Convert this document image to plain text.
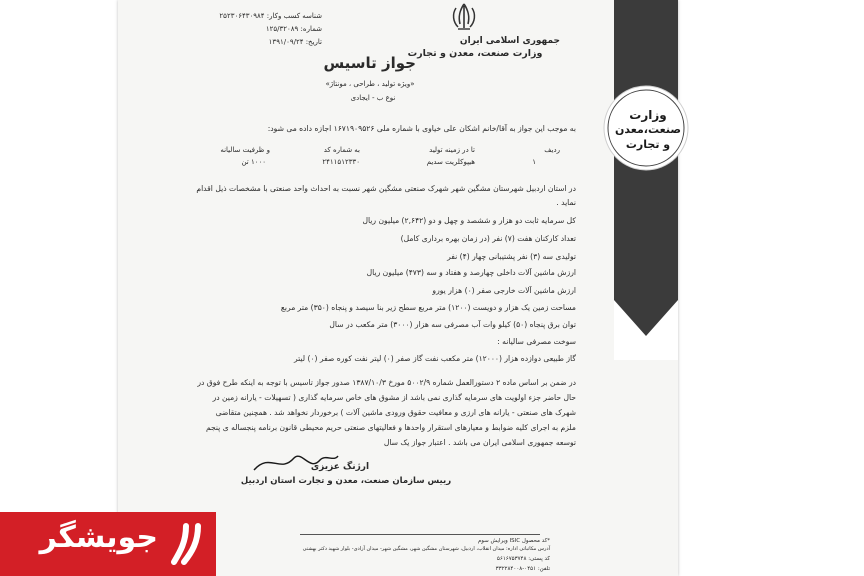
شناسه کسب وکار: ۲۵۲۳۰۶۴۳۰۹۸۴
شماره: ۱۲۵/۳۲۰۸۹
تاریخ: ۱۳۹۱/۰۹/۲۴	جمهوری اسلامی ایران
وزارت صنعت، معدن و تجارت
جواز تاسیس
«ویژه تولید ، طراحی ، مونتاژ»
نوع ب - ایجادی
به موجب این جواز به آقا/خانم اشکان علی خیاوی با شماره ملی ۱۶۷۱۹۰۹۵۲۶ اجازه داده می شود:
ردیف
تا در زمینه تولید
به شماره کد
و ظرفیت سالیانه
۱
هیپوکلریت سدیم
۲۴۱۱۵۱۲۳۳۰
۱۰۰۰ تن
در استان اردبیل شهرستان مشگین شهر شهرک صنعتی مشگین شهر نسبت به احداث واحد صنعتی با مشخصات ذیل اقدام
نماید .
کل سرمایه ثابت دو هزار و ششصد و چهل و دو (۲,۶۴۲) میلیون ریال
تعداد کارکنان هفت (۷) نفر (در زمان بهره برداری کامل)
تولیدی سه (۳) نفر پشتیبانی چهار (۴) نفر
ارزش ماشین آلات داخلی چهارصد و هفتاد و سه (۴۷۳) میلیون ریال
ارزش ماشین آلات خارجی صفر (۰) هزار یورو
مساحت زمین یک هزار و دویست (۱۲۰۰) متر مربع سطح زیر بنا سیصد و پنجاه (۳۵۰) متر مربع
توان برق پنجاه (۵۰) کیلو وات آب مصرفی سه هزار (۳۰۰۰) متر مکعب در سال
سوخت مصرفی سالیانه :
گاز طبیعی دوازده هزار (۱۲۰۰۰) متر مکعب نفت گاز صفر (۰) لیتر نفت کوره صفر (۰) لیتر
در ضمن بر اساس ماده ۲ دستورالعمل شماره ۵۰۰۲/۹ مورخ ۱۳۸۷/۱۰/۳ صدور جواز تاسیس با توجه به اینکه طرح فوق در
حال حاضر جزء اولویت های سرمایه گذاری نمی باشد از مشوق های خاص سرمایه گذاری ( تسهیلات - یارانه زمین در
شهرک های صنعتی - یارانه های ارزی و معافیت حقوق ورودی ماشین آلات ) برخوردار نخواهد شد . همچنین متقاضی
ملزم به اجرای کلیه ضوابط و معیارهای استقرار واحدها و فعالیتهای صنعتی حریم محیطی قانون برنامه پنجساله ی پنجم
توسعه جمهوری اسلامی ایران می باشد . اعتبار جواز یک سال
ارژنگ عزیزی
رییس سازمان صنعت، معدن و تجارت استان اردبیل
*کد محصول ISIC ویرایش سوم
آدرس مکاتباتی اداره: میدان انقلاب، اردبیل، شهرستان مشگین شهر، مشگین شهر- میدان آزادی- بلوار شهید دکتر بهشتی
کد پستی: ۵۶۱۶۷۵۳۷۴۸
تلفن: ۰۴۵۱-۳۳۲۲۸۴۰۰۸
وزارت
صنعت،معدن
و تجارت
جویشگر
